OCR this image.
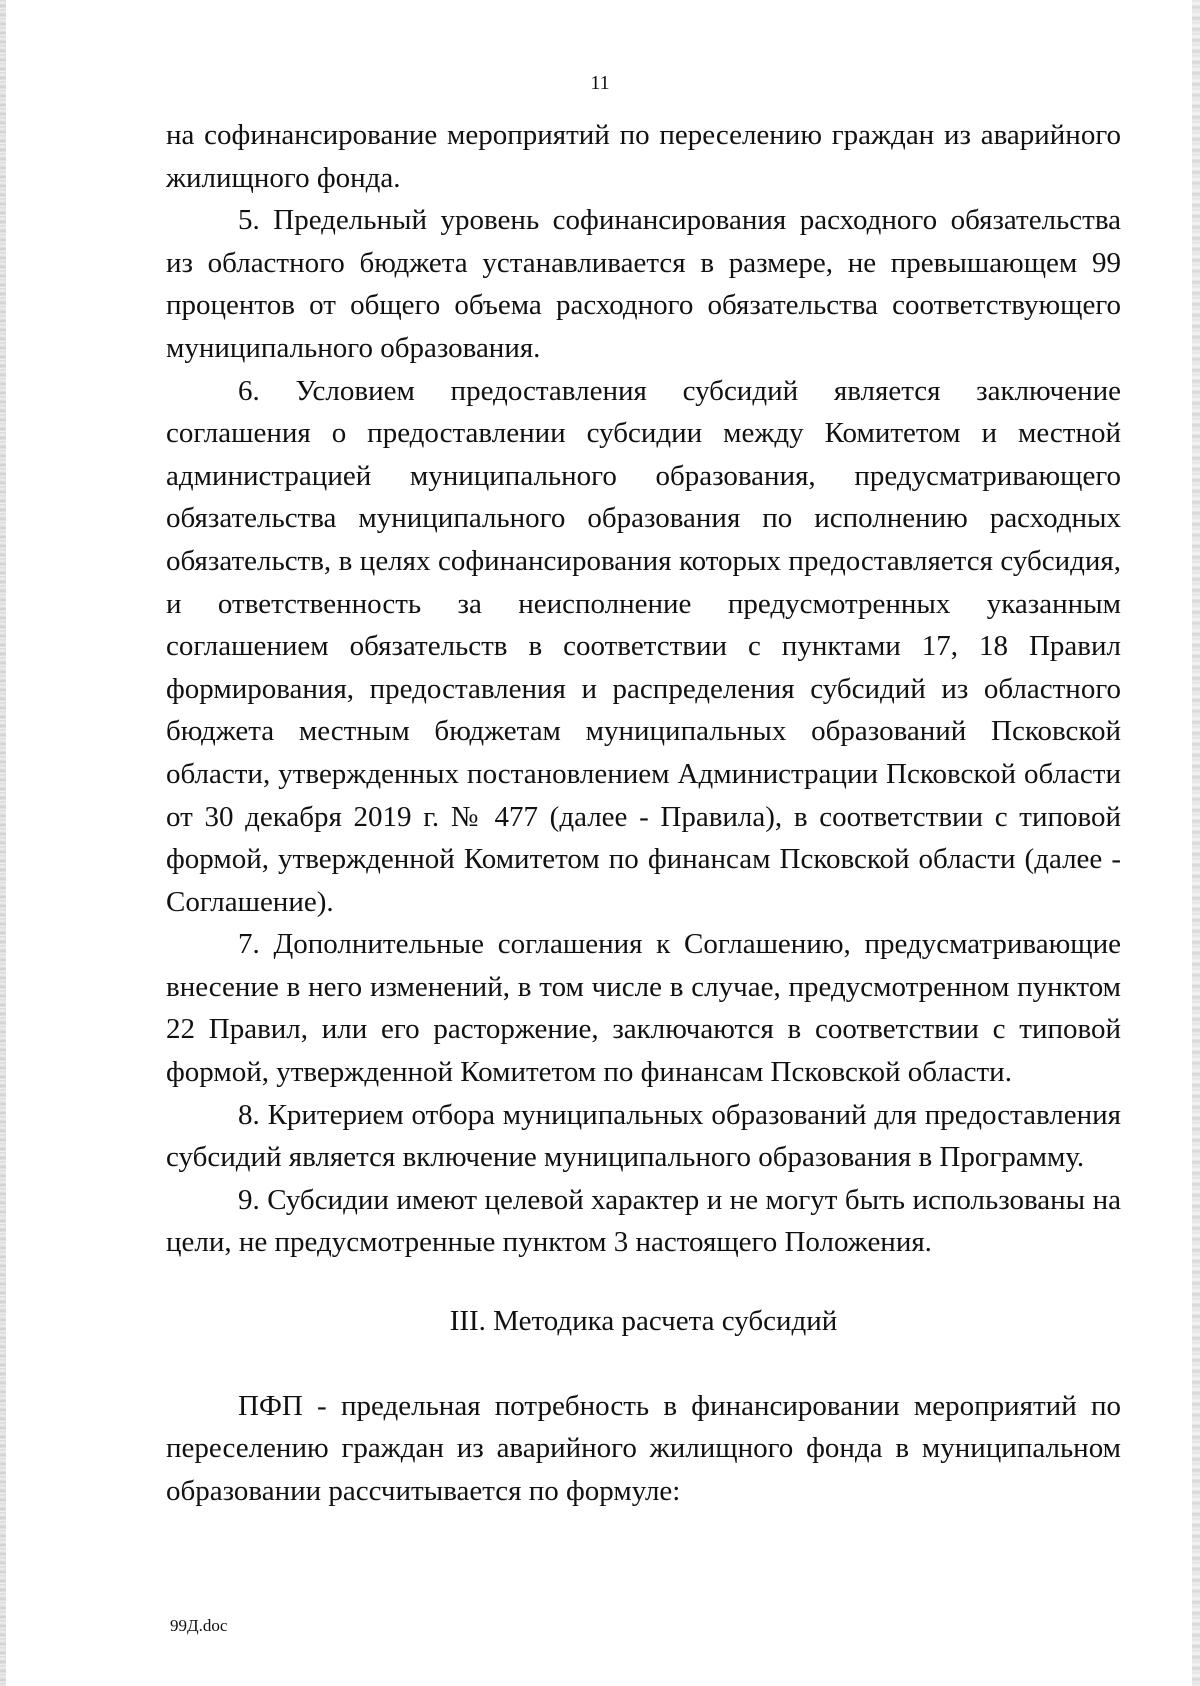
11

на софинансирование мероприятий по переселению граждан из аварийного жилищного фонда.

5. Предельный уровень софинансирования расходного обязательства из областного бюджета устанавливается в размере, не превышающем 99 процентов от общего объема расходного обязательства соответствующего муниципального образования.

6. Условием предоставления субсидий является заключение соглашения о предоставлении субсидии между Комитетом и местной администрацией муниципального образования, предусматривающего обязательства муниципального образования по исполнению расходных обязательств, в целях софинансирования которых предоставляется субсидия, и ответственность за неисполнение предусмотренных указанным соглашением обязательств в соответствии с пунктами 17, 18 Правил формирования, предоставления и распределения субсидий из областного бюджета местным бюджетам муниципальных образований Псковской области, утвержденных постановлением Администрации Псковской области от 30 декабря 2019 г. № 477 (далее - Правила), в соответствии с типовой формой, утвержденной Комитетом по финансам Псковской области (далее - Соглашение).

7. Дополнительные соглашения к Соглашению, предусматривающие внесение в него изменений, в том числе в случае, предусмотренном пунктом 22 Правил, или его расторжение, заключаются в соответствии с типовой формой, утвержденной Комитетом по финансам Псковской области.

8. Критерием отбора муниципальных образований для предоставления субсидий является включение муниципального образования в Программу.

9. Субсидии имеют целевой характер и не могут быть использованы на цели, не предусмотренные пунктом 3 настоящего Положения.

III. Методика расчета субсидий

ПФП - предельная потребность в финансировании мероприятий по переселению граждан из аварийного жилищного фонда в муниципальном образовании рассчитывается по формуле:

99Д.doc
